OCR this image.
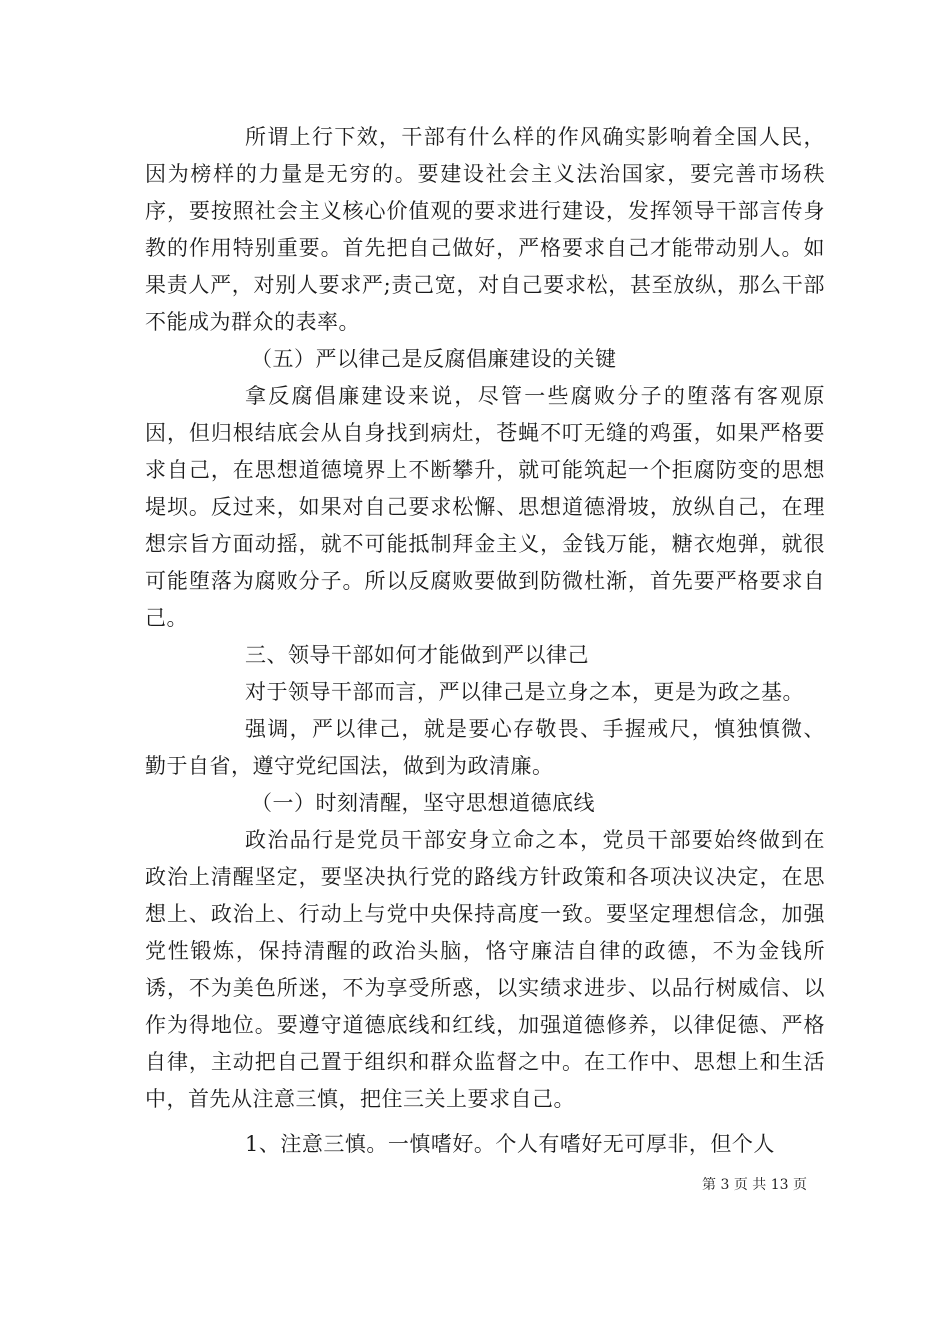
所谓上行下效，干部有什么样的作风确实影响着全国人民，因为榜样的力量是无穷的。要建设社会主义法治国家，要完善市场秩序，要按照社会主义核心价值观的要求进行建设，发挥领导干部言传身教的作用特别重要。首先把自己做好，严格要求自己才能带动别人。如果责人严，对别人要求严;责己宽，对自己要求松，甚至放纵，那么干部不能成为群众的表率。

（五）严以律己是反腐倡廉建设的关键

拿反腐倡廉建设来说，尽管一些腐败分子的堕落有客观原因，但归根结底会从自身找到病灶，苍蝇不叮无缝的鸡蛋，如果严格要求自己，在思想道德境界上不断攀升，就可能筑起一个拒腐防变的思想堤坝。反过来，如果对自己要求松懈、思想道德滑坡，放纵自己，在理想宗旨方面动摇，就不可能抵制拜金主义，金钱万能，糖衣炮弹，就很可能堕落为腐败分子。所以反腐败要做到防微杜渐，首先要严格要求自己。

三、领导干部如何才能做到严以律己

对于领导干部而言，严以律己是立身之本，更是为政之基。

强调，严以律己，就是要心存敬畏、手握戒尺，慎独慎微、勤于自省，遵守党纪国法，做到为政清廉。

（一）时刻清醒，坚守思想道德底线

政治品行是党员干部安身立命之本，党员干部要始终做到在政治上清醒坚定，要坚决执行党的路线方针政策和各项决议决定，在思想上、政治上、行动上与党中央保持高度一致。要坚定理想信念，加强党性锻炼，保持清醒的政治头脑，恪守廉洁自律的政德，不为金钱所诱，不为美色所迷，不为享受所惑，以实绩求进步、以品行树威信、以作为得地位。要遵守道德底线和红线，加强道德修养，以律促德、严格自律，主动把自己置于组织和群众监督之中。在工作中、思想上和生活中，首先从注意三慎，把住三关上要求自己。

1、注意三慎。一慎嗜好。个人有嗜好无可厚非，但个人

第 3 页 共 13 页
